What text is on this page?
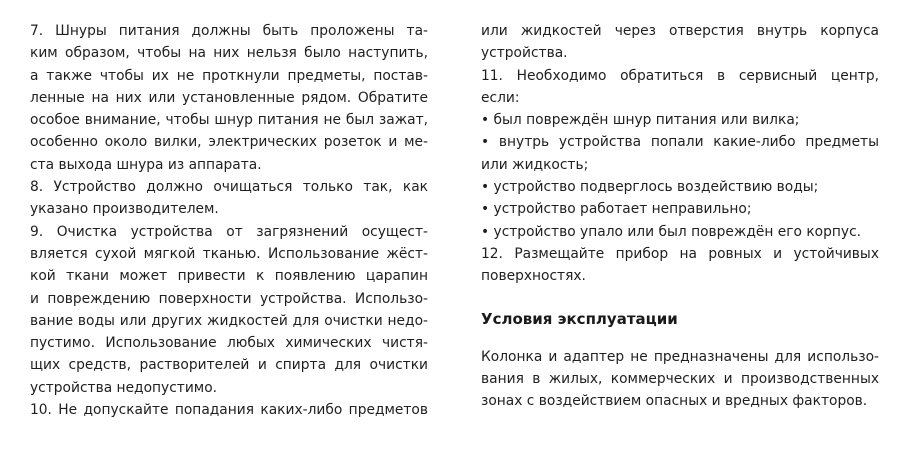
7. Шнуры питания должны быть проложены та-
ким образом, чтобы на них нельзя было наступить,
а также чтобы их не проткнули предметы, постав-
ленные на них или установленные рядом. Обратите
особое внимание, чтобы шнур питания не был зажат,
особенно около вилки, электрических розеток и ме-
ста выхода шнура из аппарата.
8. Устройство должно очищаться только так, как
указано производителем.
9. Очистка устройства от загрязнений осущест-
вляется сухой мягкой тканью. Использование жёст-
кой ткани может привести к появлению царапин
и повреждению поверхности устройства. Использо-
вание воды или других жидкостей для очистки недо-
пустимо. Использование любых химических чистя-
щих средств, растворителей и спирта для очистки
устройства недопустимо.
10. Не допускайте попадания каких-либо предметов
или жидкостей через отверстия внутрь корпуса
устройства.
11. Необходимо обратиться в сервисный центр,
если:
• был повреждён шнур питания или вилка;
• внутрь устройства попали какие-либо предметы
или жидкость;
• устройство подверглось воздействию воды;
• устройство работает неправильно;
• устройство упало или был повреждён его корпус.
12. Размещайте прибор на ровных и устойчивых
поверхностях.
Условия эксплуатации
Колонка и адаптер не предназначены для использо-
вания в жилых, коммерческих и производственных
зонах с воздействием опасных и вредных факторов.
